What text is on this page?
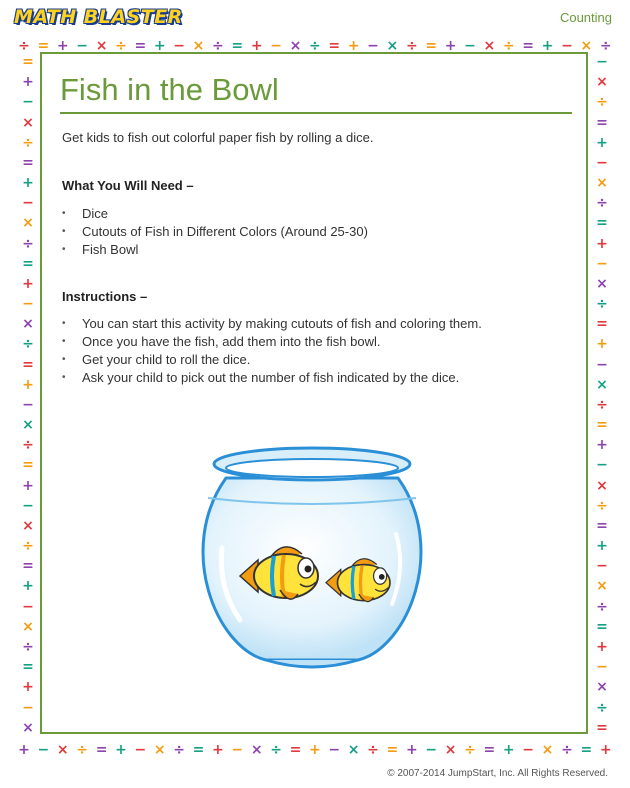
MATH BLASTER	Counting
÷ = + − × ÷ = + − × ÷ = + − × ÷ = + − × ÷ = + − × ÷ = + − × ÷
+ − × ÷ = + − × ÷ = + − × ÷ = + − × ÷ = + − × ÷ = + − × ÷ = +
=
+
−
×
÷
=
+
−
×
÷
=
+
−
×
÷
=
+
−
×
÷
=
+
−
×
÷
=
+
−
×
÷
=
+
−
×
−
×
÷
=
+
−
×
÷
=
+
−
×
÷
=
+
−
×
÷
=
+
−
×
÷
=
+
−
×
÷
=
+
−
×
÷
=
Fish in the Bowl
Get kids to fish out colorful paper fish by rolling a dice.
What You Will Need –
• Dice
• Cutouts of Fish in Different Colors (Around 25-30)
• Fish Bowl
Instructions –
• You can start this activity by making cutouts of fish and coloring them.
• Once you have the fish, add them into the fish bowl.
• Get your child to roll the dice.
• Ask your child to pick out the number of fish indicated by the dice.
© 2007-2014 JumpStart, Inc. All Rights Reserved.
